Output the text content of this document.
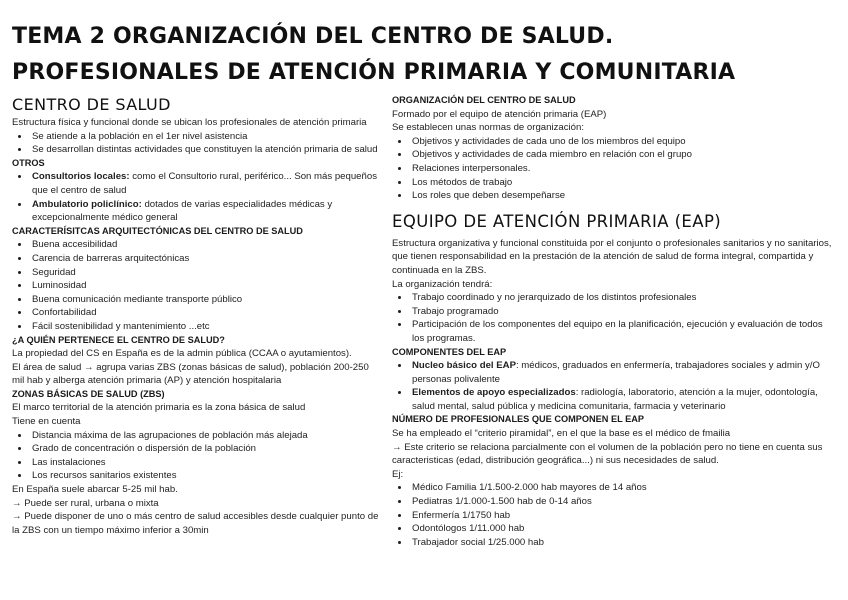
TEMA 2 ORGANIZACIÓN DEL CENTRO DE SALUD.
PROFESIONALES DE ATENCIÓN PRIMARIA Y COMUNITARIA
CENTRO DE SALUD

Estructura física y funcional donde se ubican los profesionales de atención primaria

• Se atiende a la población en el 1er nivel asistencia
• Se desarrollan distintas actividades que constituyen la atención primaria de salud
OTROS
• Consultorios locales: como el Consultorio rural, periférico... Son más pequeños que el centro de salud
• Ambulatorio policlínico: dotados de varias especialidades médicas y excepcionalmente médico general
CARACTERÍSITCAS ARQUITECTÓNICAS DEL CENTRO DE SALUD
• Buena accesibilidad
• Carencia de barreras arquitectónicas
• Seguridad
• Luminosidad
• Buena comunicación mediante transporte público
• Confortabilidad
• Fácil sostenibilidad y mantenimiento ...etc
¿A QUIÉN PERTENECE EL CENTRO DE SALUD?

La propiedad del CS en España es de la admin pública (CCAA o ayutamientos).

El área de salud → agrupa varias ZBS (zonas básicas de salud), población 200-250 mil hab y alberga atención primaria (AP) y atención hospitalaria

ZONAS BÁSICAS DE SALUD (ZBS)

El marco territorial de la atención primaria es la zona básica de salud

Tiene en cuenta

• Distancia máxima de las agrupaciones de población más alejada
• Grado de concentración o dispersión de la población
• Las instalaciones
• Los recursos sanitarios existentes

En España suele abarcar 5-25 mil hab.

→ Puede ser rural, urbana o mixta

→ Puede disponer de uno o más centro de salud accesibles desde cualquier punto de la ZBS con un tiempo máximo inferior a 30min

ORGANIZACIÓN DEL CENTRO DE SALUD

Formado por el equipo de atención primaria (EAP)

Se establecen unas normas de organización:

• Objetivos y actividades de cada uno de los miembros del equipo
• Objetivos y actividades de cada miembro en relación con el grupo
• Relaciones interpersonales.
• Los métodos de trabajo
• Los roles que deben desempeñarse
EQUIPO DE ATENCIÓN PRIMARIA (EAP)

Estructura organizativa y funcional constituida por el conjunto o profesionales sanitarios y no sanitarios, que tienen responsabilidad en la prestación de la atención de salud de forma integral, compartida y continuada en la ZBS.

La organización tendrá:

• Trabajo coordinado y no jerarquizado de los distintos profesionales
• Trabajo programado
• Participación de los componentes del equipo en la planificación, ejecución y evaluación de todos los programas.
COMPONENTES DEL EAP
• Nucleo básico del EAP: médicos, graduados en enfermería, trabajadores sociales y admin y/O personas polivalente
• Elementos de apoyo especializados: radiología, laboratorio, atención a la mujer, odontología, salud mental, salud pública y medicina comunitaria, farmacia y veterinario
NÚMERO DE PROFESIONALES QUE COMPONEN EL EAP

Se ha empleado el “criterio piramidal”, en el que la base es el médico de fmailia

→ Este criterio se relaciona parcialmente con el volumen de la población pero no tiene en cuenta sus caracteristicas (edad, distribución geográfica...) ni sus necesidades de salud.

Ej:

• Médico Familia 1/1.500-2.000 hab mayores de 14 años
• Pediatras 1/1.000-1.500 hab de 0-14 años
• Enfermería 1/1750 hab
• Odontólogos 1/11.000 hab
• Trabajador social 1/25.000 hab
